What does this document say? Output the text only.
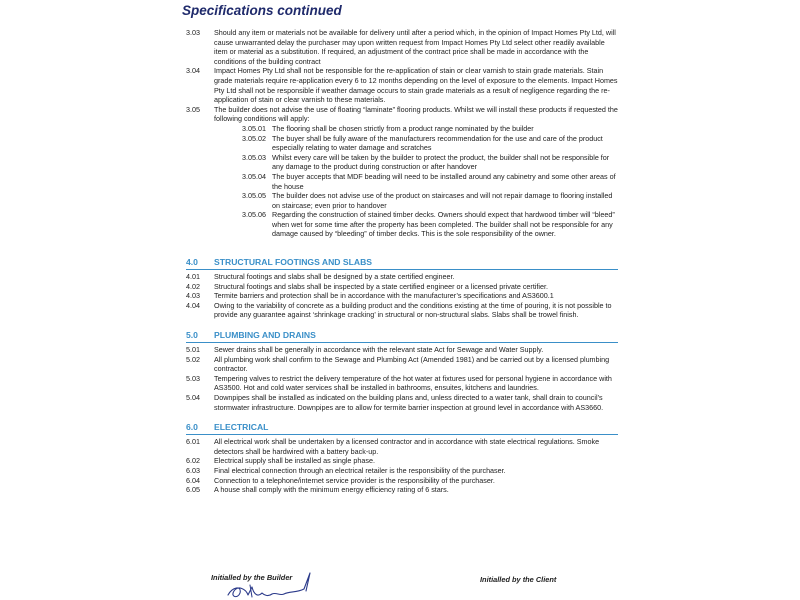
Specifications continued
3.03	Should any item or materials not be available for delivery until after a period which, in the opinion of Impact Homes Pty Ltd, will cause unwarranted delay the purchaser may upon written request from Impact Homes Pty Ltd select other readily available item or material as a substitution. If required, an adjustment of the contract price shall be made in accordance with the conditions of the building contract
3.04	Impact Homes Pty Ltd shall not be responsible for the re-application of stain or clear varnish to stain grade materials. Stain grade materials require re-application every 6 to 12 months depending on the level of exposure to the elements. Impact Homes Pty Ltd shall not be responsible if weather damage occurs to stain grade materials as a result of negligence regarding the re-application of stain or clear varnish to these materials.
3.05	The builder does not advise the use of floating “laminate” flooring products. Whilst we will install these products if requested the following conditions will apply:
3.05.01 The flooring shall be chosen strictly from a product range nominated by the builder
3.05.02 The buyer shall be fully aware of the manufacturers recommendation for the use and care of the product especially relating to water damage and scratches
3.05.03 Whilst every care will be taken by the builder to protect the product, the builder shall not be responsible for any damage to the product during construction or after handover
3.05.04 The buyer accepts that MDF beading will need to be installed around any cabinetry and some other areas of the house
3.05.05 The builder does not advise use of the product on staircases and will not repair damage to flooring installed on staircase; even prior to handover
3.05.06 Regarding the construction of stained timber decks. Owners should expect that hardwood timber will “bleed” when wet for some time after the property has been completed. The builder shall not be responsible for any damage caused by “bleeding” of timber decks. This is the sole responsibility of the owner.
4.0	STRUCTURAL FOOTINGS AND SLABS
4.01	Structural footings and slabs shall be designed by a state certified engineer.
4.02	Structural footings and slabs shall be inspected by a state certified engineer or a licensed private certifier.
4.03	Termite barriers and protection shall be in accordance with the manufacturer’s specifications and AS3600.1
4.04	Owing to the variability of concrete as a building product and the conditions existing at the time of pouring, it is not possible to provide any guarantee against ‘shrinkage cracking’ in structural or non-structural slabs. Slabs shall be trowel finish.
5.0	PLUMBING AND DRAINS
5.01	Sewer drains shall be generally in accordance with the relevant state Act for Sewage and Water Supply.
5.02	All plumbing work shall confirm to the Sewage and Plumbing Act (Amended 1981) and be carried out by a licensed plumbing contractor.
5.03	Tempering valves to restrict the delivery temperature of the hot water at fixtures used for personal hygiene in accordance with AS3500. Hot and cold water services shall be installed in bathrooms, ensuites, kitchens and laundries.
5.04	Downpipes shall be installed as indicated on the building plans and, unless directed to a water tank, shall drain to council’s stormwater infrastructure. Downpipes are to allow for termite barrier inspection at ground level in accordance with AS3660.
6.0	ELECTRICAL
6.01	All electrical work shall be undertaken by a licensed contractor and in accordance with state electrical regulations. Smoke detectors shall be hardwired with a battery back-up.
6.02	Electrical supply shall be installed as single phase.
6.03	Final electrical connection through an electrical retailer is the responsibility of the purchaser.
6.04	Connection to a telephone/internet service provider is the responsibility of the purchaser.
6.05	A house shall comply with the minimum energy efficiency rating of 6 stars.
Initialled by the Builder	Initialled by the Client
